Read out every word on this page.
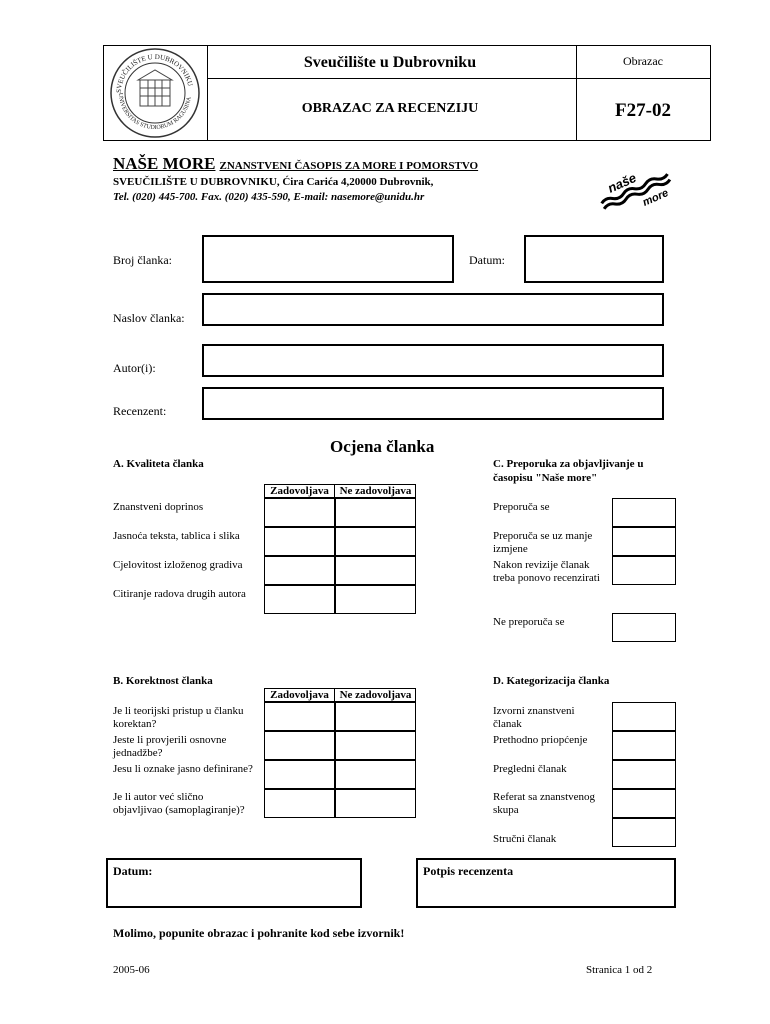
SVEUČILIŠTE U DUBROVNIKU
UNIVERSITAS STUDIORUM RAGUSINA
Sveučilište u Dubrovniku	Obrazac
OBRAZAC ZA RECENZIJU	F27-02
NAŠE MORE ZNANSTVENI ČASOPIS ZA MORE I POMORSTVO
SVEUČILIŠTE U DUBROVNIKU, Ćira Carića 4,20000 Dubrovnik,
Tel. (020) 445-700. Fax. (020) 435-590, E-mail: nasemore@unidu.hr
naše
more
Broj članka:	Datum:
Naslov članka:
Autor(i):
Recenzent:
Ocjena članka
A. Kvaliteta članka
Zadovoljava Ne zadovoljava
Znanstveni doprinos
Jasnoća teksta, tablica i slika
Cjelovitost izloženog gradiva
Citiranje radova drugih autora
C. Preporuka za objavljivanje u
časopisu "Naše more"
Preporuča se
Preporuča se uz manje
izmjene
Nakon revizije članak
treba ponovo recenzirati
Ne preporuča se
B. Korektnost članka
Zadovoljava Ne zadovoljava
Je li teorijski pristup u članku
korektan?
Jeste li provjerili osnovne
jednadžbe?
Jesu li oznake jasno definirane?
Je li autor već slično
objavljivao (samoplagiranje)?
D. Kategorizacija članka
Izvorni znanstveni
članak
Prethodno priopćenje
Pregledni članak
Referat sa znanstvenog
skupa
Stručni članak
Datum:	Potpis recenzenta
Molimo, popunite obrazac i pohranite kod sebe izvornik!
2005-06	Stranica 1 od 2
